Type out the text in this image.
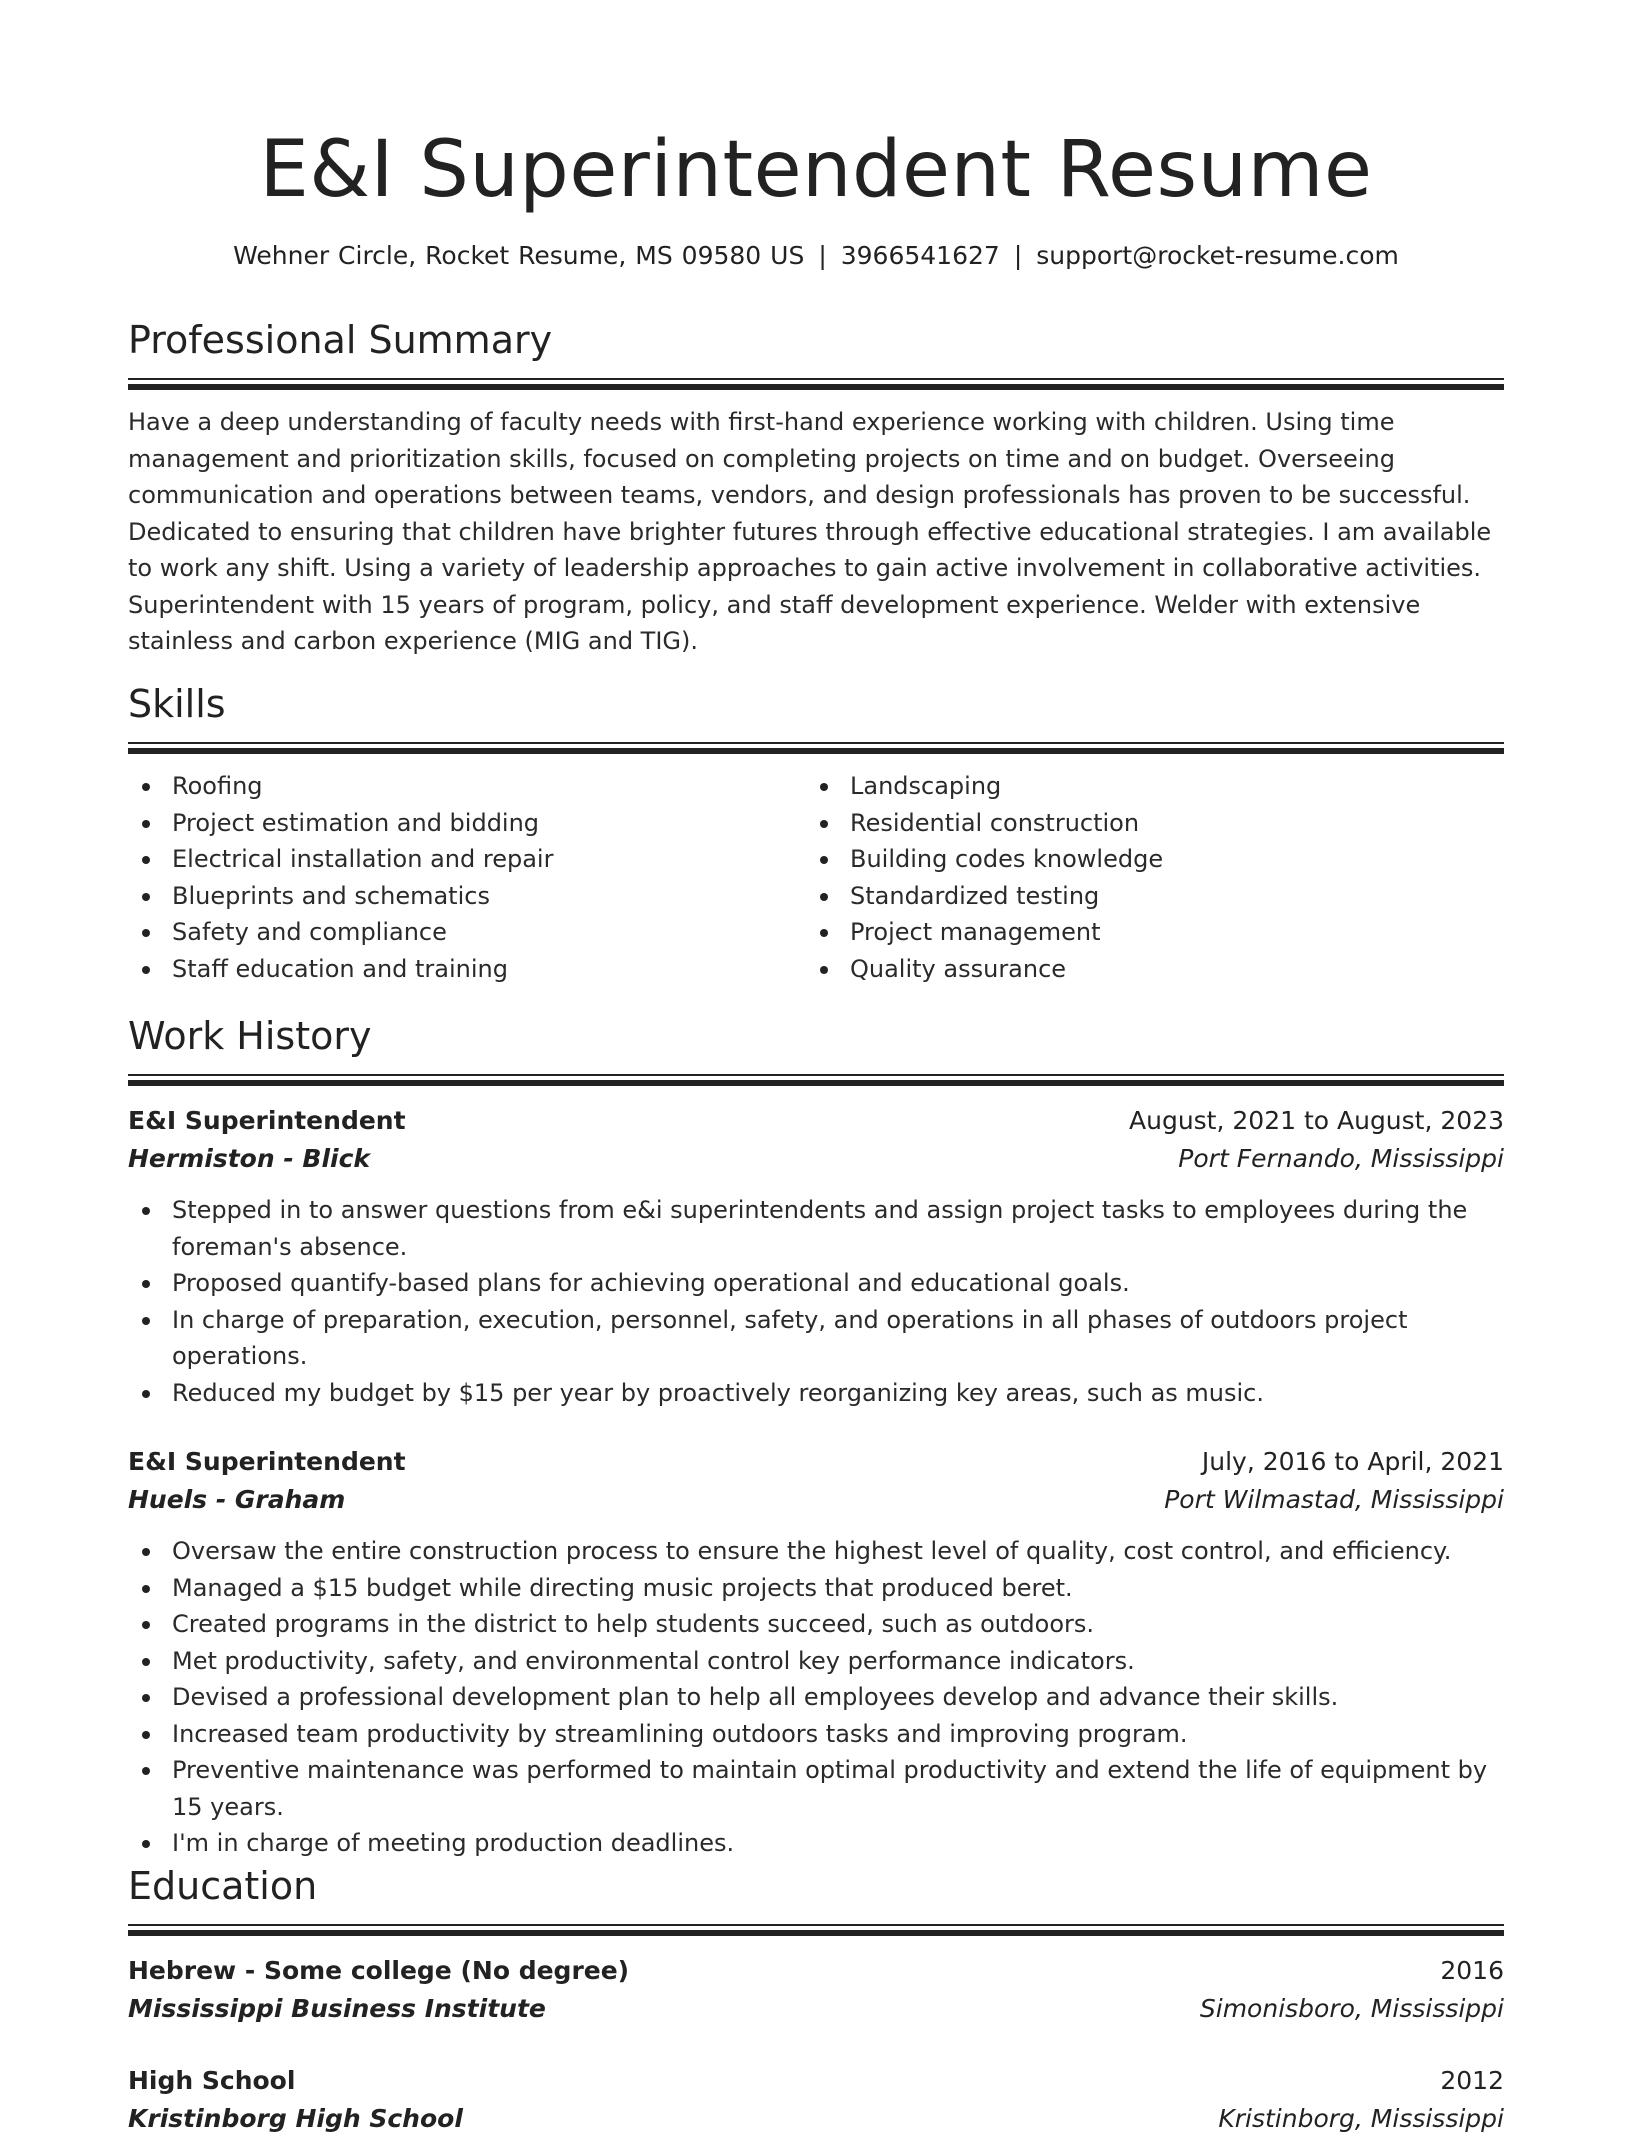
E&I Superintendent Resume
Wehner Circle, Rocket Resume, MS 09580 US | 3966541627 | support@rocket-resume.com
Professional Summary
Have a deep understanding of faculty needs with first-hand experience working with children. Using time management and prioritization skills, focused on completing projects on time and on budget. Overseeing communication and operations between teams, vendors, and design professionals has proven to be successful. Dedicated to ensuring that children have brighter futures through effective educational strategies. I am available to work any shift. Using a variety of leadership approaches to gain active involvement in collaborative activities. Superintendent with 15 years of program, policy, and staff development experience. Welder with extensive stainless and carbon experience (MIG and TIG).
Skills
Roofing
Project estimation and bidding
Electrical installation and repair
Blueprints and schematics
Safety and compliance
Staff education and training
Landscaping
Residential construction
Building codes knowledge
Standardized testing
Project management
Quality assurance
Work History
E&I Superintendent	August, 2021 to August, 2023
Hermiston - Blick	Port Fernando, Mississippi
Stepped in to answer questions from e&i superintendents and assign project tasks to employees during the foreman's absence.
Proposed quantify-based plans for achieving operational and educational goals.
In charge of preparation, execution, personnel, safety, and operations in all phases of outdoors project operations.
Reduced my budget by $15 per year by proactively reorganizing key areas, such as music.
E&I Superintendent	July, 2016 to April, 2021
Huels - Graham	Port Wilmastad, Mississippi
Oversaw the entire construction process to ensure the highest level of quality, cost control, and efficiency.
Managed a $15 budget while directing music projects that produced beret.
Created programs in the district to help students succeed, such as outdoors.
Met productivity, safety, and environmental control key performance indicators.
Devised a professional development plan to help all employees develop and advance their skills.
Increased team productivity by streamlining outdoors tasks and improving program.
Preventive maintenance was performed to maintain optimal productivity and extend the life of equipment by 15 years.
I'm in charge of meeting production deadlines.
Education
Hebrew - Some college (No degree)	2016
Mississippi Business Institute	Simonisboro, Mississippi
High School	2012
Kristinborg High School	Kristinborg, Mississippi
